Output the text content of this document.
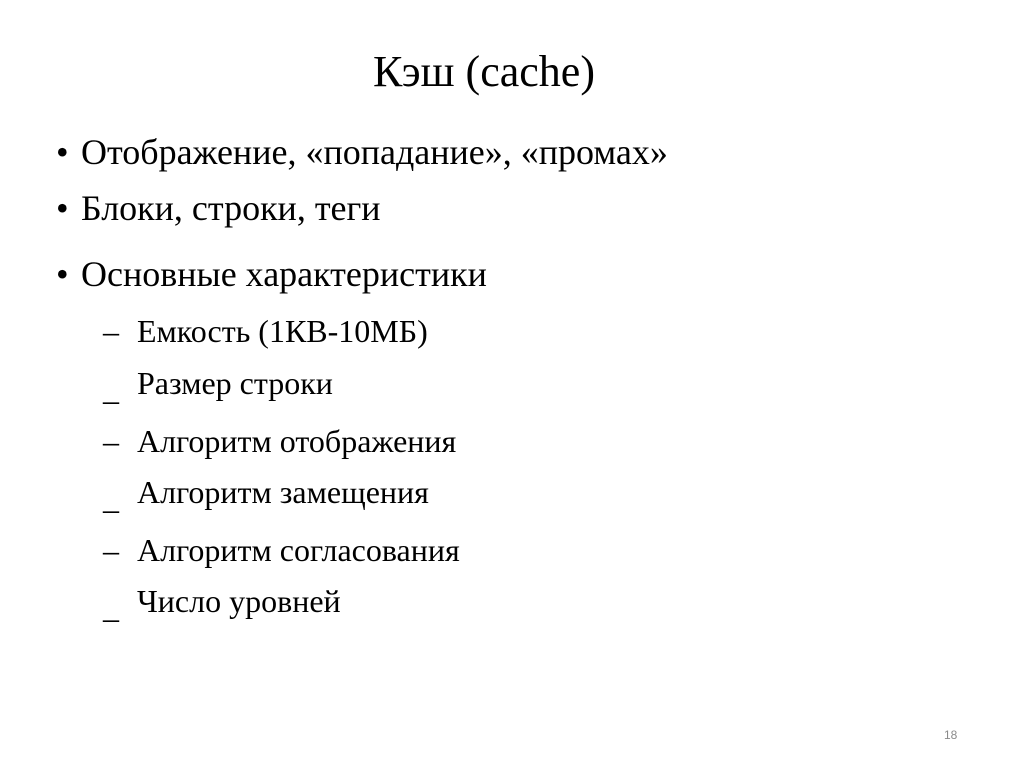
Кэш (cache)
• Отображение, «попадание», «промах»
• Блоки, строки, теги
• Основные характеристики
– Емкость (1КВ-10МБ)
_ Размер строки
– Алгоритм отображения
_ Алгоритм замещения
– Алгоритм согласования
_ Число уровней
18
